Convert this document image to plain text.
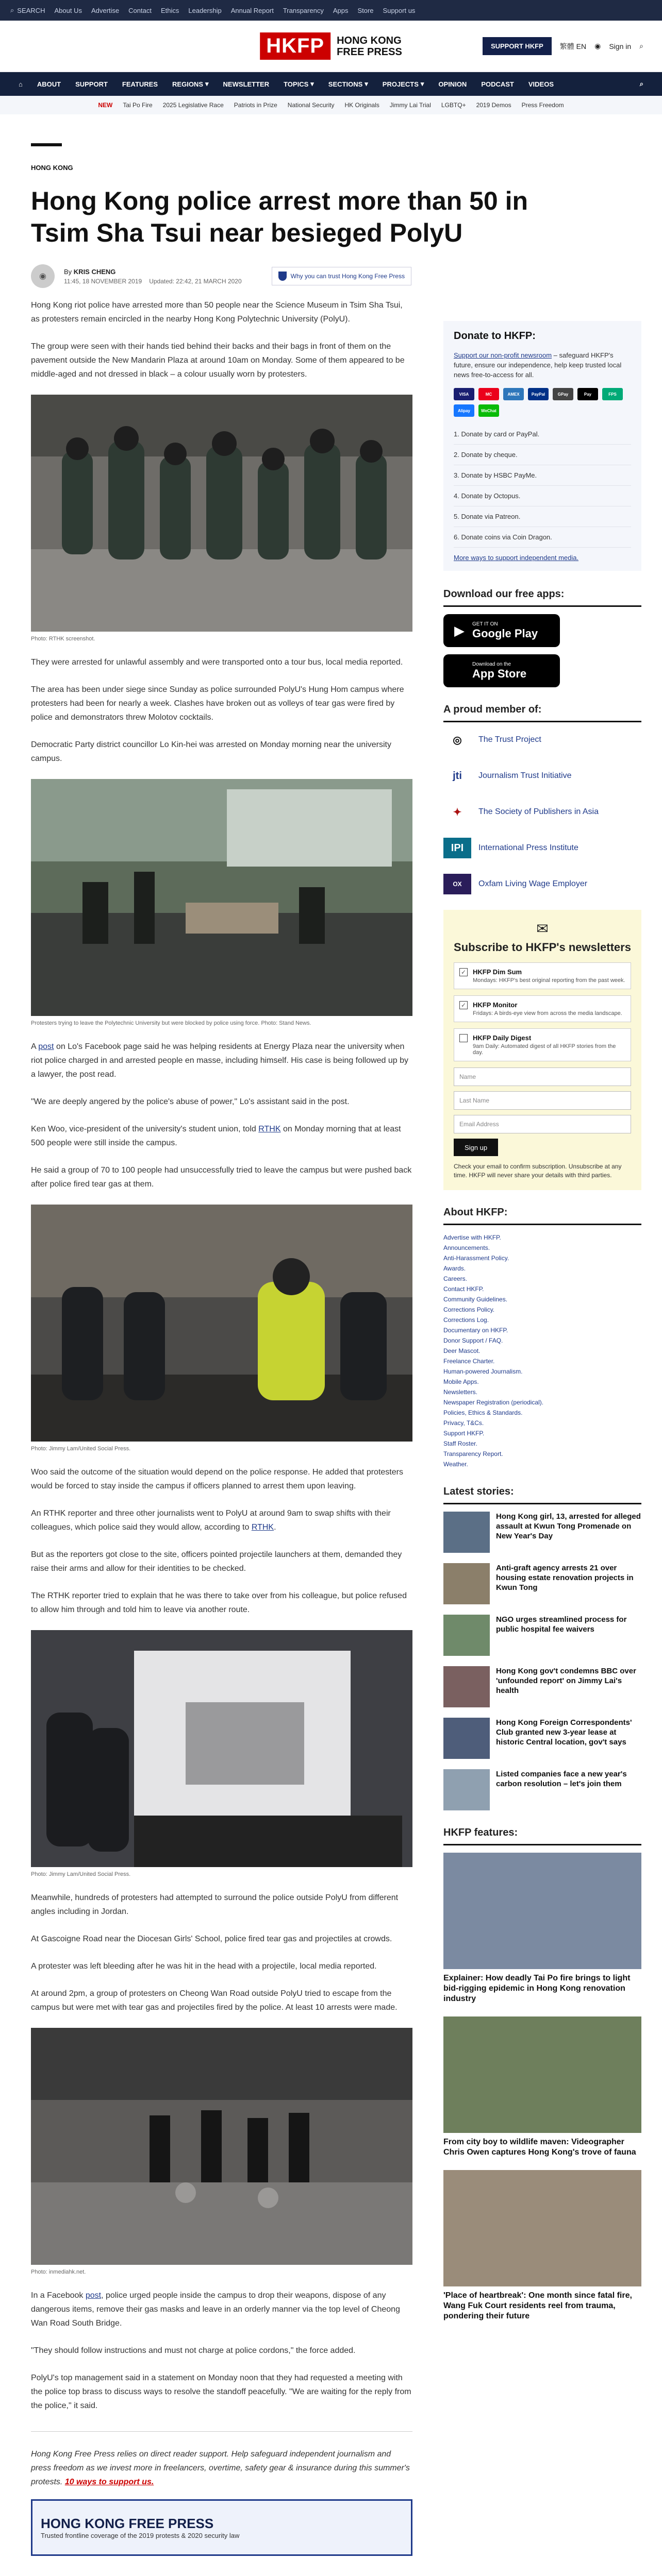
⌕ SEARCH About Us Advertise Contact Ethics Leadership Annual Report Transparency Apps Store Support us
HKFP	HONG KONG
FREE PRESS	SUPPORT HKFP	繁體 EN ◉ Sign in ⌕
⌂ ABOUT SUPPORT FEATURES REGIONS ▾ NEWSLETTER TOPICS ▾ SECTIONS ▾ PROJECTS ▾ OPINION PODCAST VIDEOS	⌕
NEW Tai Po Fire 2025 Legislative Race Patriots in Prize National Security HK Originals Jimmy Lai Trial LGBTQ+ 2019 Demos Press Freedom
HONG KONG
Hong Kong police arrest more than 50 in Tsim Sha Tsui near besieged PolyU
◉
By KRIS CHENG
11:45, 18 NOVEMBER 2019 Updated: 22:42, 21 MARCH 2020
Why you can trust Hong Kong Free Press

Hong Kong riot police have arrested more than 50 people near the Science Museum in Tsim Sha Tsui, as protesters remain encircled in the nearby Hong Kong Polytechnic University (PolyU).

The group were seen with their hands tied behind their backs and their bags in front of them on the pavement outside the New Mandarin Plaza at around 10am on Monday. Some of them appeared to be middle-aged and not dressed in black – a colour usually worn by protesters.

Photo: RTHK screenshot.

They were arrested for unlawful assembly and were transported onto a tour bus, local media reported.

The area has been under siege since Sunday as police surrounded PolyU's Hung Hom campus where protesters had been for nearly a week. Clashes have broken out as volleys of tear gas were fired by police and demonstrators threw Molotov cocktails.

Democratic Party district councillor Lo Kin-hei was arrested on Monday morning near the university campus.

Protesters trying to leave the Polytechnic University but were blocked by police using force. Photo: Stand News.

A post on Lo's Facebook page said he was helping residents at Energy Plaza near the university when riot police charged in and arrested people en masse, including himself. His case is being followed up by a lawyer, the post read.

"We are deeply angered by the police's abuse of power," Lo's assistant said in the post.

Ken Woo, vice-president of the university's student union, told RTHK on Monday morning that at least 500 people were still inside the campus.

He said a group of 70 to 100 people had unsuccessfully tried to leave the campus but were pushed back after police fired tear gas at them.

Photo: Jimmy Lam/United Social Press.

Woo said the outcome of the situation would depend on the police response. He added that protesters would be forced to stay inside the campus if officers planned to arrest them upon leaving.

An RTHK reporter and three other journalists went to PolyU at around 9am to swap shifts with their colleagues, which police said they would allow, according to RTHK.

But as the reporters got close to the site, officers pointed projectile launchers at them, demanded they raise their arms and allow for their identities to be checked.

The RTHK reporter tried to explain that he was there to take over from his colleague, but police refused to allow him through and told him to leave via another route.

Photo: Jimmy Lam/United Social Press.

Meanwhile, hundreds of protesters had attempted to surround the police outside PolyU from different angles including in Jordan.

At Gascoigne Road near the Diocesan Girls' School, police fired tear gas and projectiles at crowds.

A protester was left bleeding after he was hit in the head with a projectile, local media reported.

At around 2pm, a group of protesters on Cheong Wan Road outside PolyU tried to escape from the campus but were met with tear gas and projectiles fired by the police. At least 10 arrests were made.

Photo: inmediahk.net.

In a Facebook post, police urged people inside the campus to drop their weapons, dispose of any dangerous items, remove their gas masks and leave in an orderly manner via the top level of Cheong Wan Road South Bridge.

"They should follow instructions and must not charge at police cordons," the force added.

PolyU's top management said in a statement on Monday noon that they had requested a meeting with the police top brass to discuss ways to resolve the standoff peacefully. "We are waiting for the reply from the police," it said.

Hong Kong Free Press relies on direct reader support. Help safeguard independent journalism and press freedom as we invest more in freelancers, overtime, safety gear & insurance during this summer's protests. 10 ways to support us.
HONG KONG FREE PRESS
Trusted frontline coverage of the 2019 protests & 2020 security law
Donate to HKFP:
Support our non-profit newsroom – safeguard HKFP's future, ensure our independence, help keep trusted local news free-to-access for all.
VISA	MC	AMEX	PayPal	GPay	Pay	FPS
Alipay	WeChat
1. Donate by card or PayPal.
2. Donate by cheque.
3. Donate by HSBC PayMe.
4. Donate by Octopus.
5. Donate via Patreon.
6. Donate coins via Coin Dragon.
More ways to support independent media.
Download our free apps:
▶	GET IT ON
Google Play
Download on the
App Store
A proud member of:
◎	The Trust Project
jti	Journalism Trust Initiative
✦	The Society of Publishers in Asia
IPI	International Press Institute
OX	Oxfam Living Wage Employer
✉
Subscribe to HKFP's newsletters
✓ HKFP Dim Sum
Mondays: HKFP's best original reporting from the past week.
✓ HKFP Monitor
Fridays: A birds-eye view from across the media landscape.
HKFP Daily Digest
9am Daily: Automated digest of all HKFP stories from the day.
Name
Last Name
Email Address
Sign up
Check your email to confirm subscription. Unsubscribe at any time. HKFP will never share your details with third parties.
About HKFP:
Advertise with HKFP.
Announcements.
Anti-Harassment Policy.
Awards.
Careers.
Contact HKFP.
Community Guidelines.
Corrections Policy.
Corrections Log.
Documentary on HKFP.
Donor Support / FAQ.
Deer Mascot.
Freelance Charter.
Human-powered Journalism.
Mobile Apps.
Newsletters.
Newspaper Registration (periodical).
Policies, Ethics & Standards.
Privacy, T&Cs.
Support HKFP.
Staff Roster.
Transparency Report.
Weather.
Latest stories:
Hong Kong girl, 13, arrested for alleged assault at Kwun Tong Promenade on New Year's Day
Anti-graft agency arrests 21 over housing estate renovation projects in Kwun Tong
NGO urges streamlined process for public hospital fee waivers
Hong Kong gov't condemns BBC over 'unfounded report' on Jimmy Lai's health
Hong Kong Foreign Correspondents' Club granted new 3-year lease at historic Central location, gov't says
Listed companies face a new year's carbon resolution – let's join them
HKFP features:
Explainer: How deadly Tai Po fire brings to light bid-rigging epidemic in Hong Kong renovation industry
From city boy to wildlife maven: Videographer Chris Owen captures Hong Kong's trove of fauna
'Place of heartbreak': One month since fatal fire, Wang Fuk Court residents reel from trauma, pondering their future
